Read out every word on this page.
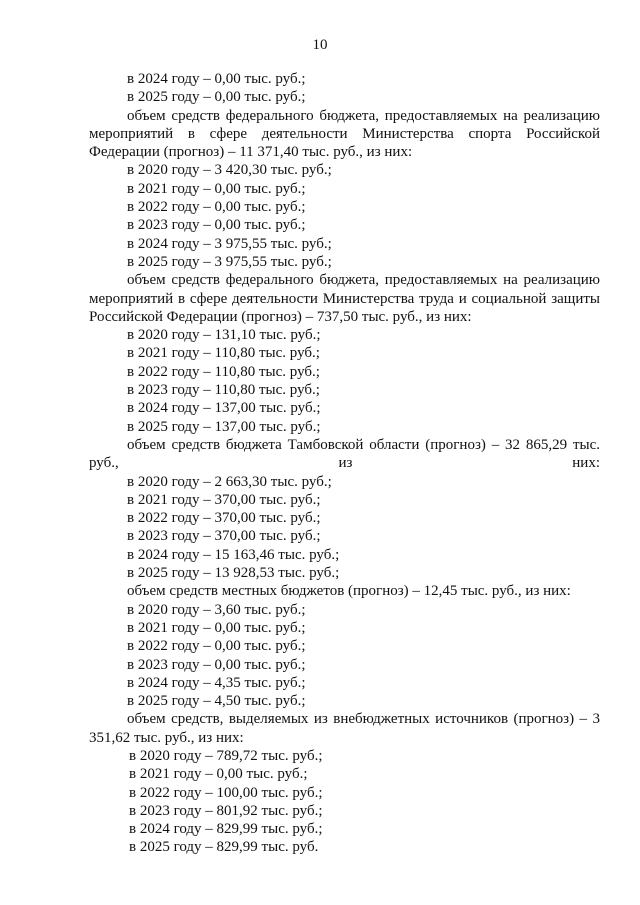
10
в 2024 году – 0,00 тыс. руб.;
в 2025 году – 0,00 тыс. руб.;
объем средств федерального бюджета, предоставляемых на реализацию мероприятий в сфере деятельности Министерства спорта Российской Федерации (прогноз) – 11 371,40 тыс. руб., из них:
в 2020 году – 3 420,30 тыс. руб.;
в 2021 году – 0,00 тыс. руб.;
в 2022 году – 0,00 тыс. руб.;
в 2023 году – 0,00 тыс. руб.;
в 2024 году – 3 975,55 тыс. руб.;
в 2025 году – 3 975,55 тыс. руб.;
объем средств федерального бюджета, предоставляемых на реализацию мероприятий в сфере деятельности Министерства труда и социальной защиты Российской Федерации (прогноз) – 737,50 тыс. руб., из них:
в 2020 году – 131,10 тыс. руб.;
в 2021 году – 110,80 тыс. руб.;
в 2022 году – 110,80 тыс. руб.;
в 2023 году – 110,80 тыс. руб.;
в 2024 году – 137,00 тыс. руб.;
в 2025 году – 137,00 тыс. руб.;
объем средств бюджета Тамбовской области (прогноз) – 32 865,29 тыс. руб., из них:
в 2020 году – 2 663,30 тыс. руб.;
в 2021 году – 370,00 тыс. руб.;
в 2022 году – 370,00 тыс. руб.;
в 2023 году – 370,00 тыс. руб.;
в 2024 году – 15 163,46 тыс. руб.;
в 2025 году – 13 928,53 тыс. руб.;
объем средств местных бюджетов (прогноз) – 12,45 тыс. руб., из них:
в 2020 году – 3,60 тыс. руб.;
в 2021 году – 0,00 тыс. руб.;
в 2022 году – 0,00 тыс. руб.;
в 2023 году – 0,00 тыс. руб.;
в 2024 году – 4,35 тыс. руб.;
в 2025 году – 4,50 тыс. руб.;
объем средств, выделяемых из внебюджетных источников (прогноз) – 3 351,62 тыс. руб., из них:
в 2020 году – 789,72 тыс. руб.;
в 2021 году – 0,00 тыс. руб.;
в 2022 году – 100,00 тыс. руб.;
в 2023 году – 801,92 тыс. руб.;
в 2024 году – 829,99 тыс. руб.;
в 2025 году – 829,99 тыс. руб.
